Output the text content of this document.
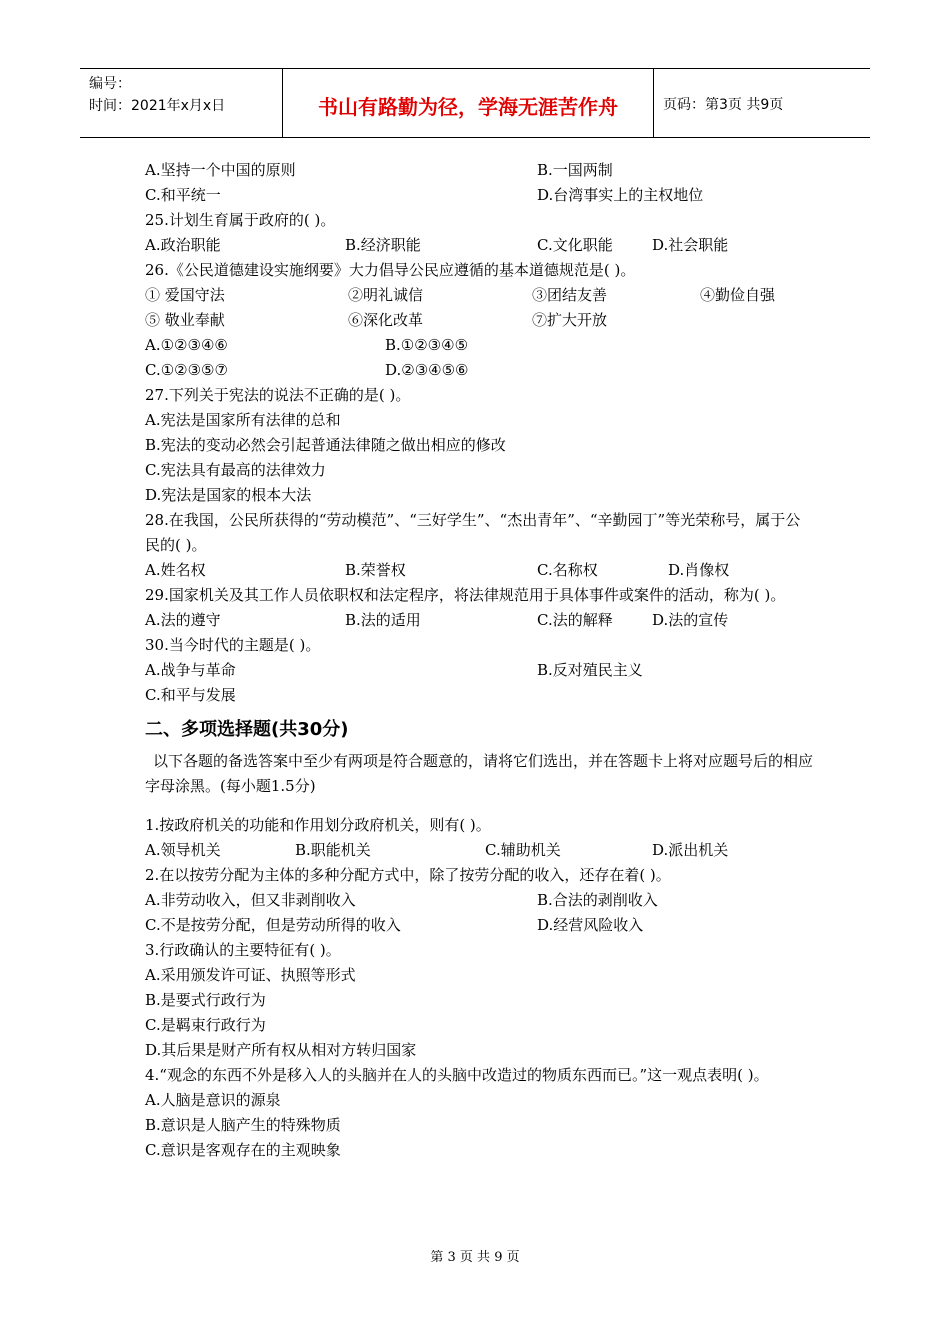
编号：
时间：2021年x月x日	书山有路勤为径，学海无涯苦作舟	页码：第3页 共9页
A.坚持一个中国的原则	B.一国两制
C.和平统一	D.台湾事实上的主权地位
25.计划生育属于政府的( )。
A.政治职能	B.经济职能	C.文化职能	D.社会职能
26.《公民道德建设实施纲要》大力倡导公民应遵循的基本道德规范是( )。
① 爱国守法	②明礼诚信	③团结友善	④勤俭自强
⑤ 敬业奉献	⑥深化改革	⑦扩大开放
A.①②③④⑥	B.①②③④⑤
C.①②③⑤⑦	D.②③④⑤⑥
27.下列关于宪法的说法不正确的是( )。
A.宪法是国家所有法律的总和
B.宪法的变动必然会引起普通法律随之做出相应的修改
C.宪法具有最高的法律效力
D.宪法是国家的根本大法
28.在我国，公民所获得的“劳动模范”、“三好学生”、“杰出青年”、“辛勤园丁”等光荣称号，属于公民的( )。
A.姓名权	B.荣誉权	C.名称权	D.肖像权
29.国家机关及其工作人员依职权和法定程序，将法律规范用于具体事件或案件的活动，称为( )。
A.法的遵守	B.法的适用	C.法的解释	D.法的宣传
30.当今时代的主题是( )。
A.战争与革命	B.反对殖民主义
C.和平与发展
二、多项选择题(共30分)
以下各题的备选答案中至少有两项是符合题意的，请将它们选出，并在答题卡上将对应题号后的相应字母涂黑。(每小题1.5分)
1.按政府机关的功能和作用划分政府机关，则有( )。
A.领导机关	B.职能机关	C.辅助机关	D.派出机关
2.在以按劳分配为主体的多种分配方式中，除了按劳分配的收入，还存在着( )。
A.非劳动收入，但又非剥削收入	B.合法的剥削收入
C.不是按劳分配，但是劳动所得的收入	D.经营风险收入
3.行政确认的主要特征有( )。
A.采用颁发许可证、执照等形式
B.是要式行政行为
C.是羁束行政行为
D.其后果是财产所有权从相对方转归国家
4.“观念的东西不外是移入人的头脑并在人的头脑中改造过的物质东西而已。”这一观点表明( )。
A.人脑是意识的源泉
B.意识是人脑产生的特殊物质
C.意识是客观存在的主观映象
第 3 页 共 9 页
